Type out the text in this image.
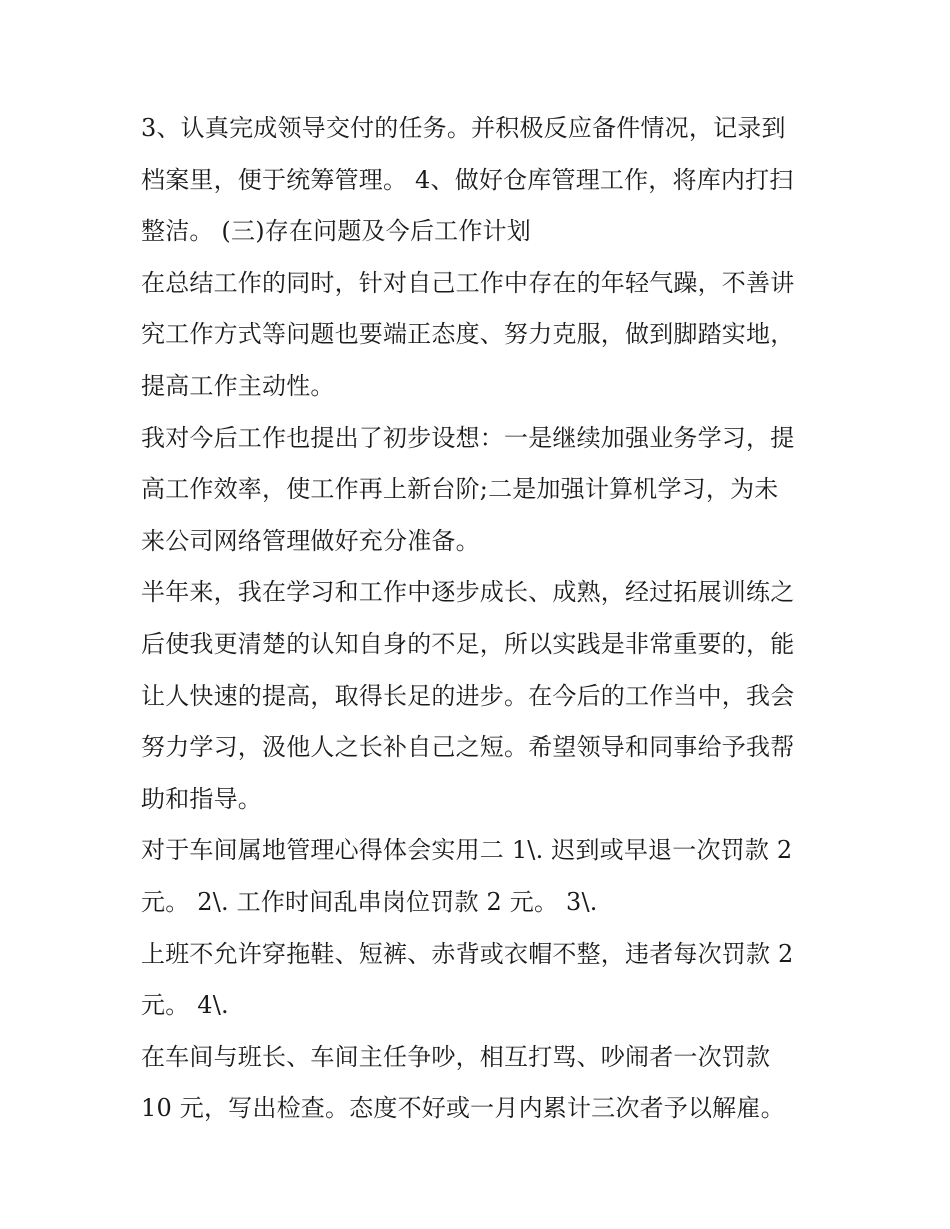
3、认真完成领导交付的任务。并积极反应备件情况，记录到
档案里，便于统筹管理。 4、做好仓库管理工作，将库内打扫
整洁。 (三)存在问题及今后工作计划

在总结工作的同时，针对自己工作中存在的年轻气躁，不善讲
究工作方式等问题也要端正态度、努力克服，做到脚踏实地，
提高工作主动性。

我对今后工作也提出了初步设想：一是继续加强业务学习，提
高工作效率，使工作再上新台阶;二是加强计算机学习，为未
来公司网络管理做好充分准备。

半年来，我在学习和工作中逐步成长、成熟，经过拓展训练之
后使我更清楚的认知自身的不足，所以实践是非常重要的，能
让人快速的提高，取得长足的进步。在今后的工作当中，我会
努力学习，汲他人之长补自己之短。希望领导和同事给予我帮
助和指导。

对于车间属地管理心得体会实用二 1\. 迟到或早退一次罚款 2
元。 2\. 工作时间乱串岗位罚款 2 元。 3\.

上班不允许穿拖鞋、短裤、赤背或衣帽不整，违者每次罚款 2
元。 4\.

在车间与班长、车间主任争吵，相互打骂、吵闹者一次罚款
10 元，写出检查。态度不好或一月内累计三次者予以解雇。
